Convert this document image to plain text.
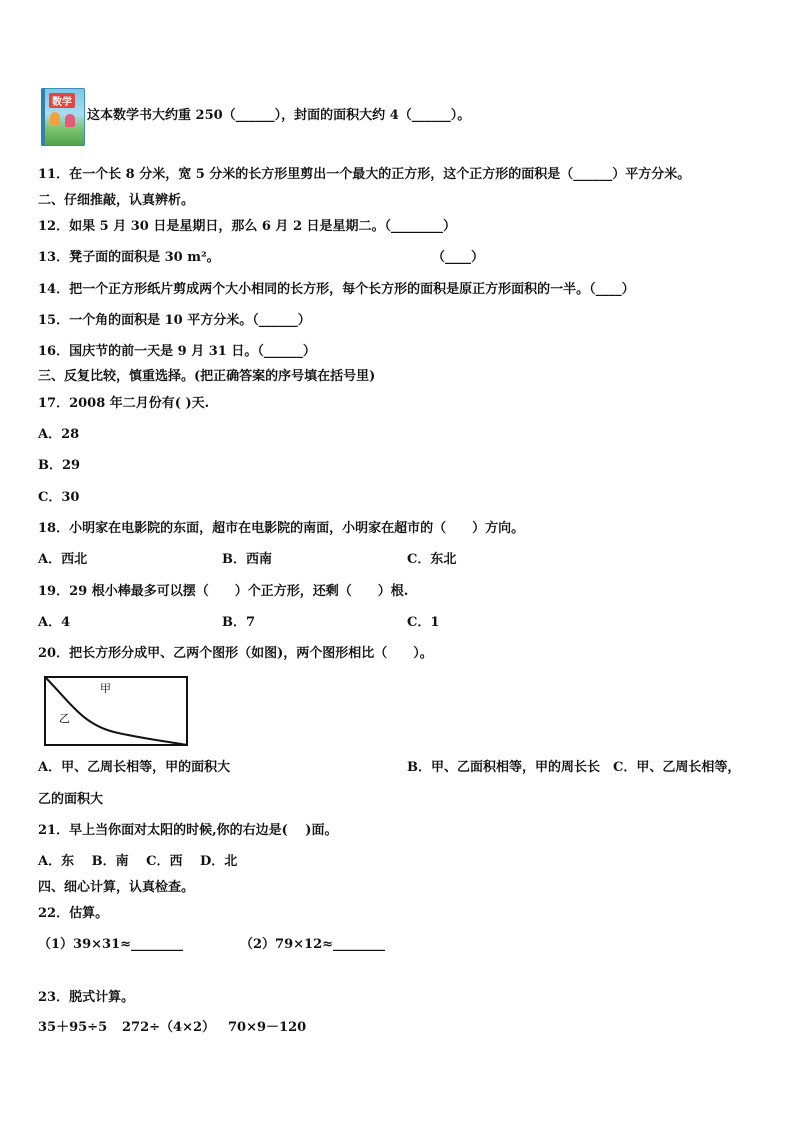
数学
这本数学书大约重 250（______），封面的面积大约 4（______）。
11．在一个长 8 分米，宽 5 分米的长方形里剪出一个最大的正方形，这个正方形的面积是（______）平方分米。
二、仔细推敲，认真辨析。
12．如果 5 月 30 日是星期日，那么 6 月 2 日是星期二。（________）
13．凳子面的面积是 30 m²。	（____）
14．把一个正方形纸片剪成两个大小相同的长方形，每个长方形的面积是原正方形面积的一半。（____）
15．一个角的面积是 10 平方分米。（______）
16．国庆节的前一天是 9 月 31 日。（______）
三、反复比较，慎重选择。(把正确答案的序号填在括号里)
17．2008 年二月份有( )天.
A．28
B．29
C．30
18．小明家在电影院的东面，超市在电影院的南面，小明家在超市的（　　）方向。
A．西北	B．西南	C．东北
19．29 根小棒最多可以摆（　　）个正方形，还剩（　　）根.
A．4	B．7	C．1
20．把长方形分成甲、乙两个图形（如图)，两个图形相比（　　）。
甲
乙
A．甲、乙周长相等，甲的面积大	B．甲、乙面积相等，甲的周长长　C．甲、乙周长相等，
乙的面积大
21．早上当你面对太阳的时候,你的右边是(　 )面。
A．东　 B．南　 C．西　 D．北
四、细心计算，认真检查。
22．估算。
（1）39×31≈________	（2）79×12≈________
23．脱式计算。
35＋95÷5 272÷（4×2） 70×9－120
